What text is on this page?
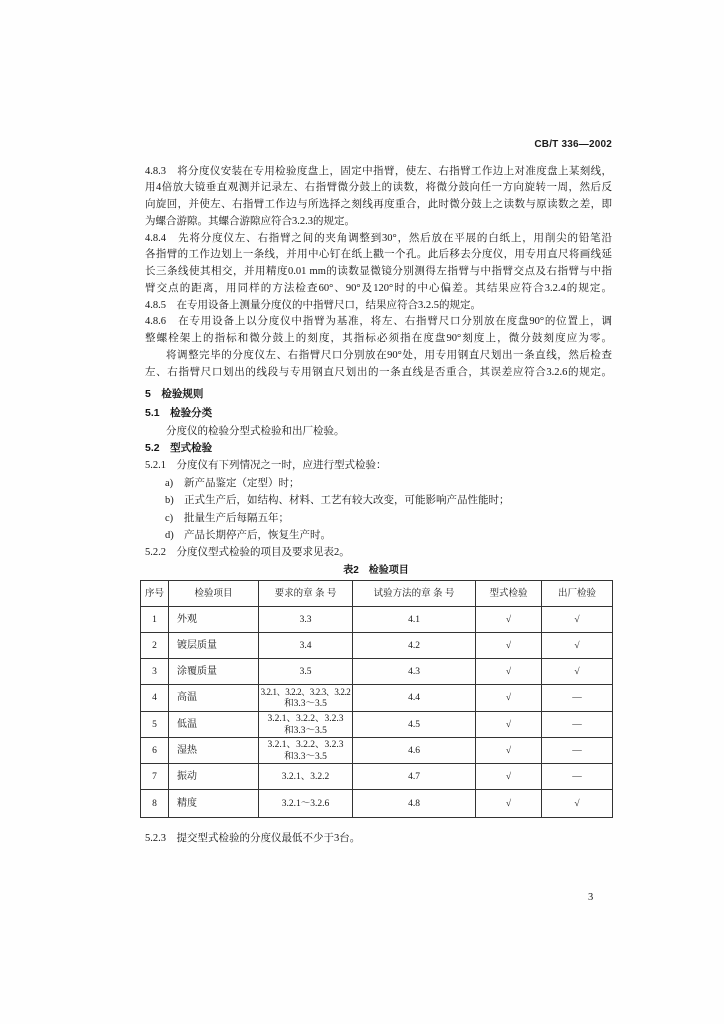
CB/T 336—2002
4.8.3　将分度仪安装在专用检验度盘上，固定中指臂，使左、右指臂工作边上对准度盘上某刻线，
用4倍放大镜垂直观测并记录左、右指臂微分鼓上的读数，将微分鼓向任一方向旋转一周，然后反
向旋回，并使左、右指臂工作边与所选择之刻线再度重合，此时微分鼓上之读数与原读数之差，即
为螺合游隙。其螺合游隙应符合3.2.3的规定。
4.8.4　先将分度仪左、右指臂之间的夹角调整到30°，然后放在平展的白纸上，用削尖的铅笔沿
各指臂的工作边划上一条线，并用中心钉在纸上戳一个孔。此后移去分度仪，用专用直尺将画线延
长三条线使其相交，并用精度0.01 mm的读数显微镜分别测得左指臂与中指臂交点及右指臂与中指
臂交点的距离，用同样的方法检查60°、90°及120°时的中心偏差。其结果应符合3.2.4的规定。
4.8.5　在专用设备上测量分度仪的中指臂尺口，结果应符合3.2.5的规定。
4.8.6　在专用设备上以分度仪中指臂为基准，将左、右指臂尺口分别放在度盘90°的位置上，调
整螺栓架上的指标和微分鼓上的刻度，其指标必须指在度盘90°刻度上，微分鼓刻度应为零。
将调整完毕的分度仪左、右指臂尺口分别放在90°处，用专用钢直尺划出一条直线，然后检查
左、右指臂尺口划出的线段与专用钢直尺划出的一条直线是否重合，其误差应符合3.2.6的规定。
5　检验规则
5.1　检验分类
分度仪的检验分型式检验和出厂检验。
5.2　型式检验
5.2.1　分度仪有下列情况之一时，应进行型式检验：
a)	新产品鉴定（定型）时；
b) 正式生产后，如结构、材料、工艺有较大改变，可能影响产品性能时；
c)	批量生产后每隔五年；
d) 产品长期停产后，恢复生产时。
5.2.2　分度仪型式检验的项目及要求见表2。
表2　检验项目
序号	检验项目	要求的章 条 号	试验方法的章 条 号	型式检验	出厂检验
1	外观	3.3	4.1	√	√
2	镀层质量	3.4	4.2	√	√
3	涂覆质量	3.5	4.3	√	√
4	高温	3.2.1、3.2.2、3.2.3、3.2.2
和3.3～3.5	4.4	√	—
5	低温	3.2.1、3.2.2、3.2.3
和3.3～3.5	4.5	√	—
6	湿热	3.2.1、3.2.2、3.2.3
和3.3～3.5	4.6	√	—
7	振动	3.2.1、3.2.2	4.7	√	—
8	精度	3.2.1～3.2.6	4.8	√	√
5.2.3　提交型式检验的分度仪最低不少于3台。
3
